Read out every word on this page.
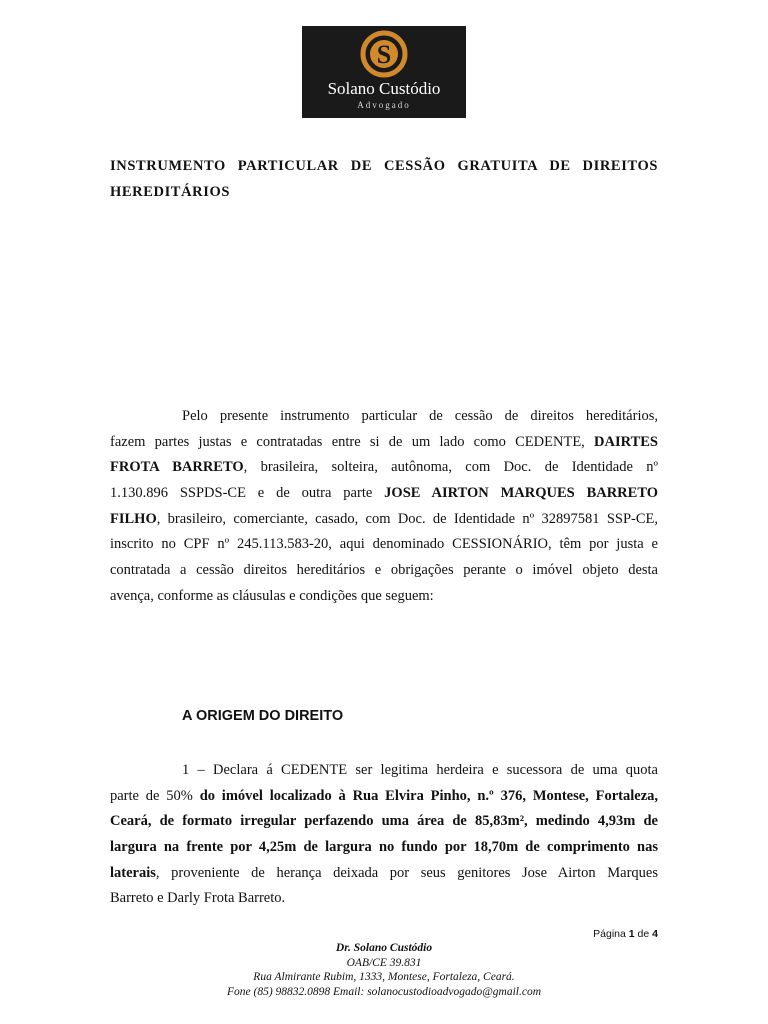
S
Solano Custódio
Advogado
INSTRUMENTO PARTICULAR DE CESSÃO GRATUITA DE DIREITOS
HEREDITÁRIOS
Pelo presente instrumento particular de cessão de direitos hereditários,
fazem partes justas e contratadas entre si de um lado como CEDENTE, DAIRTES
FROTA BARRETO, brasileira, solteira, autônoma, com Doc. de Identidade nº
1.130.896 SSPDS-CE e de outra parte JOSE AIRTON MARQUES BARRETO
FILHO, brasileiro, comerciante, casado, com Doc. de Identidade nº 32897581 SSP-CE,
inscrito no CPF nº 245.113.583-20, aqui denominado CESSIONÁRIO, têm por justa e
contratada a cessão direitos hereditários e obrigações perante o imóvel objeto desta
avença, conforme as cláusulas e condições que seguem:
A ORIGEM DO DIREITO
1 – Declara á CEDENTE ser legitima herdeira e sucessora de uma quota
parte de 50% do imóvel localizado à Rua Elvira Pinho, n.º 376, Montese, Fortaleza,
Ceará, de formato irregular perfazendo uma área de 85,83m², medindo 4,93m de
largura na frente por 4,25m de largura no fundo por 18,70m de comprimento nas
laterais, proveniente de herança deixada por seus genitores Jose Airton Marques
Barreto e Darly Frota Barreto.
Página 1 de 4
Dr. Solano Custódio
OAB/CE 39.831
Rua Almirante Rubim, 1333, Montese, Fortaleza, Ceará.
Fone (85) 98832.0898 Email: solanocustodioadvogado@gmail.com
